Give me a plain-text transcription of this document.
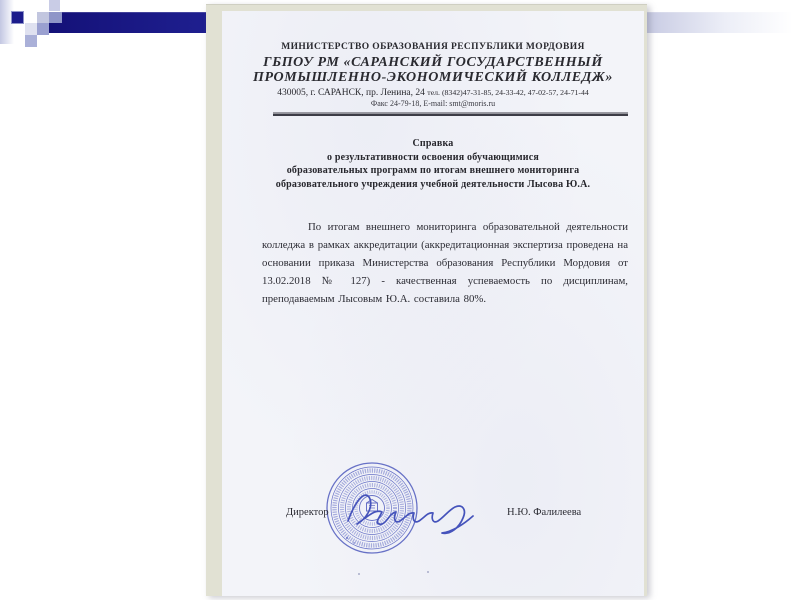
МИНИСТЕРСТВО ОБРАЗОВАНИЯ РЕСПУБЛИКИ МОРДОВИЯ
ГБПОУ РМ «САРАНСКИЙ ГОСУДАРСТВЕННЫЙ
ПРОМЫШЛЕННО-ЭКОНОМИЧЕСКИЙ КОЛЛЕДЖ»
430005, г. САРАНСК, пр. Ленина, 24 тел. (8342)47-31-85, 24-33-42, 47-02-57, 24-71-44
Факс 24-79-18, E-mail: smt@moris.ru
Справка
о результативности освоения обучающимися
образовательных программ по итогам внешнего мониторинга
образовательного учреждения учебной деятельности Лысова Ю.А.
По итогам внешнего мониторинга образовательной деятельности
колледжа в рамках аккредитации (аккредитационная экспертиза проведена на
основании приказа Министерства образования Республики Мордовия от
13.02.2018 № 127) - качественная успеваемость по дисциплинам,
преподаваемым Лысовым Ю.А. составила 80%.
Директор	Н.Ю. Фалилеева
